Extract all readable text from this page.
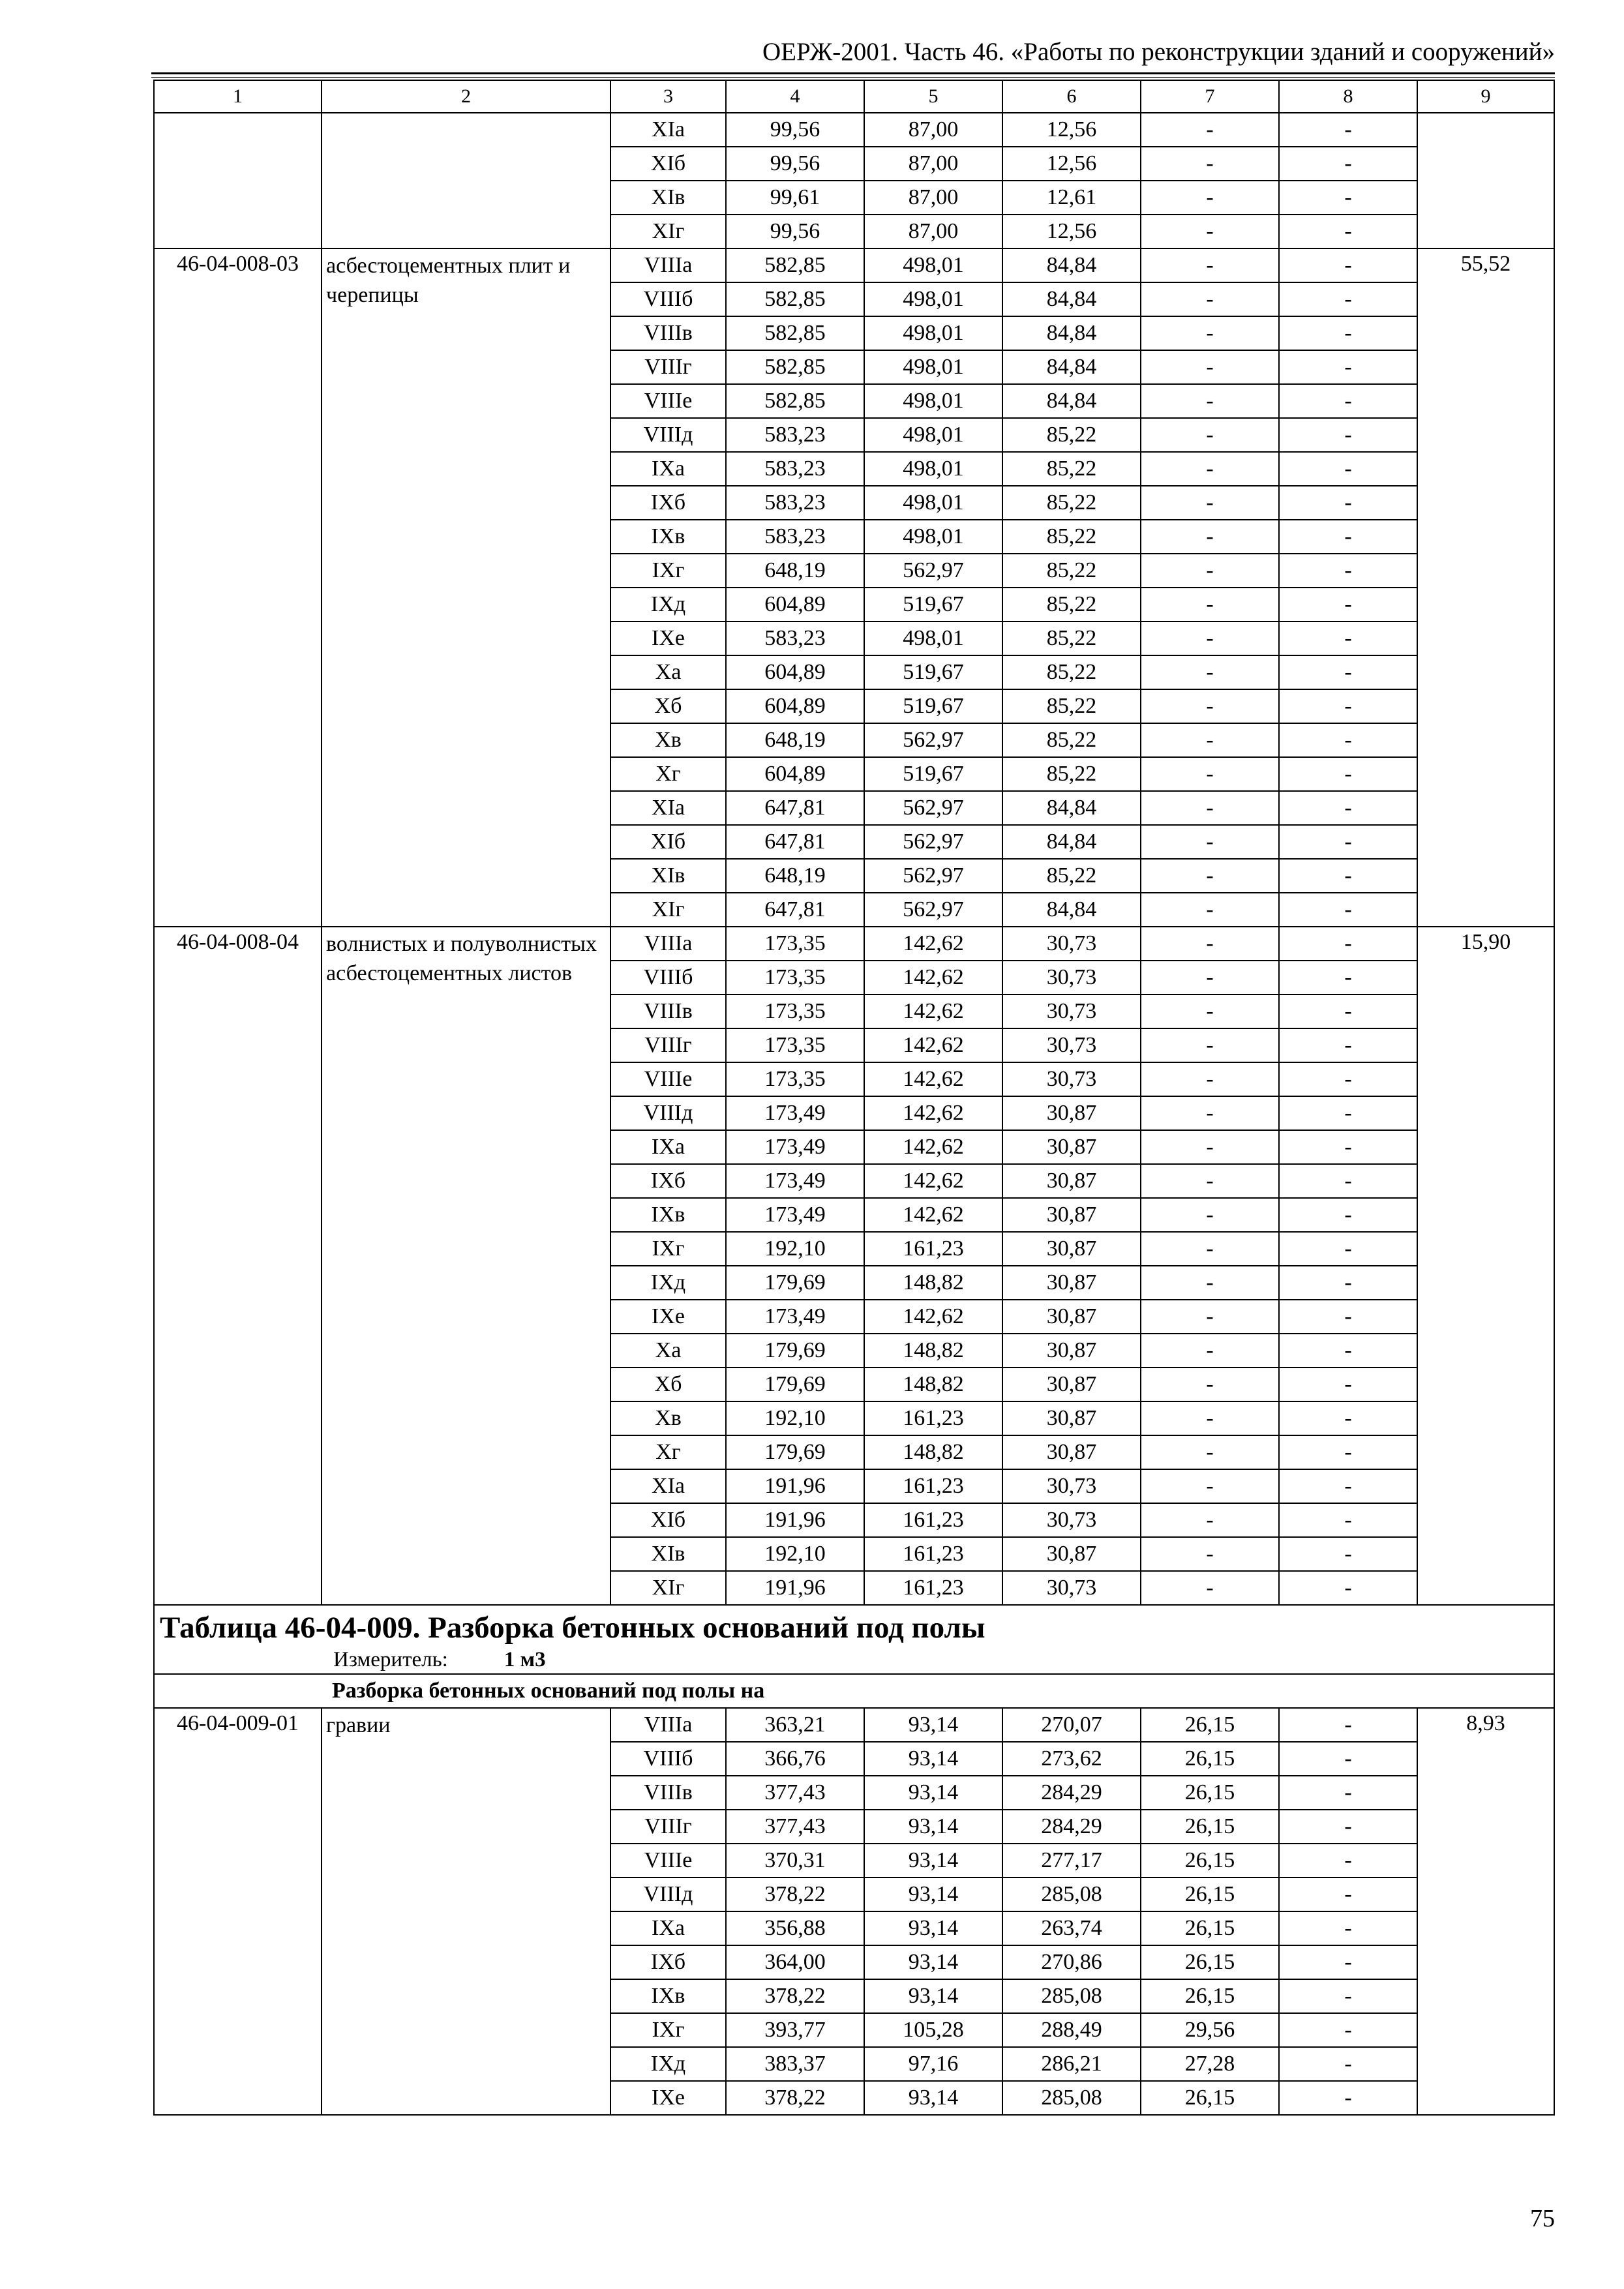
ОЕРЖ-2001. Часть 46. «Работы по реконструкции зданий и сооружений»
1	2	3	4	5	6	7	8	9
		XIа	99,56	87,00	12,56	-	-	
		XIб	99,56	87,00	12,56	-	-	
		XIв	99,61	87,00	12,61	-	-	
		XIг	99,56	87,00	12,56	-	-	
46-04-008-03	асбестоцементных плит и черепицы	VIIIа	582,85	498,01	84,84	-	-	55,52
		VIIIб	582,85	498,01	84,84	-	-	
		VIIIв	582,85	498,01	84,84	-	-	
		VIIIг	582,85	498,01	84,84	-	-	
		VIIIе	582,85	498,01	84,84	-	-	
		VIIIд	583,23	498,01	85,22	-	-	
		IXа	583,23	498,01	85,22	-	-	
		IXб	583,23	498,01	85,22	-	-	
		IXв	583,23	498,01	85,22	-	-	
		IXг	648,19	562,97	85,22	-	-	
		IXд	604,89	519,67	85,22	-	-	
		IXе	583,23	498,01	85,22	-	-	
		Xа	604,89	519,67	85,22	-	-	
		Xб	604,89	519,67	85,22	-	-	
		Xв	648,19	562,97	85,22	-	-	
		Xг	604,89	519,67	85,22	-	-	
		XIа	647,81	562,97	84,84	-	-	
		XIб	647,81	562,97	84,84	-	-	
		XIв	648,19	562,97	85,22	-	-	
		XIг	647,81	562,97	84,84	-	-	
46-04-008-04	волнистых и полуволнистых асбестоцементных листов	VIIIа	173,35	142,62	30,73	-	-	15,90
		VIIIб	173,35	142,62	30,73	-	-	
		VIIIв	173,35	142,62	30,73	-	-	
		VIIIг	173,35	142,62	30,73	-	-	
		VIIIе	173,35	142,62	30,73	-	-	
		VIIIд	173,49	142,62	30,87	-	-	
		IXа	173,49	142,62	30,87	-	-	
		IXб	173,49	142,62	30,87	-	-	
		IXв	173,49	142,62	30,87	-	-	
		IXг	192,10	161,23	30,87	-	-	
		IXд	179,69	148,82	30,87	-	-	
		IXе	173,49	142,62	30,87	-	-	
		Xа	179,69	148,82	30,87	-	-	
		Xб	179,69	148,82	30,87	-	-	
		Xв	192,10	161,23	30,87	-	-	
		Xг	179,69	148,82	30,87	-	-	
		XIа	191,96	161,23	30,73	-	-	
		XIб	191,96	161,23	30,73	-	-	
		XIв	192,10	161,23	30,87	-	-	
		XIг	191,96	161,23	30,73	-	-	

Таблица 46-04-009. Разборка бетонных оснований под полы
Измеритель: 1 м3								

Разборка бетонных оснований под полы на								
46-04-009-01	гравии	VIIIа	363,21	93,14	270,07	26,15	-	8,93
		VIIIб	366,76	93,14	273,62	26,15	-	
		VIIIв	377,43	93,14	284,29	26,15	-	
		VIIIг	377,43	93,14	284,29	26,15	-	
		VIIIе	370,31	93,14	277,17	26,15	-	
		VIIIд	378,22	93,14	285,08	26,15	-	
		IXа	356,88	93,14	263,74	26,15	-	
		IXб	364,00	93,14	270,86	26,15	-	
		IXв	378,22	93,14	285,08	26,15	-	
		IXг	393,77	105,28	288,49	29,56	-	
		IXд	383,37	97,16	286,21	27,28	-	
		IXе	378,22	93,14	285,08	26,15	-	
75
